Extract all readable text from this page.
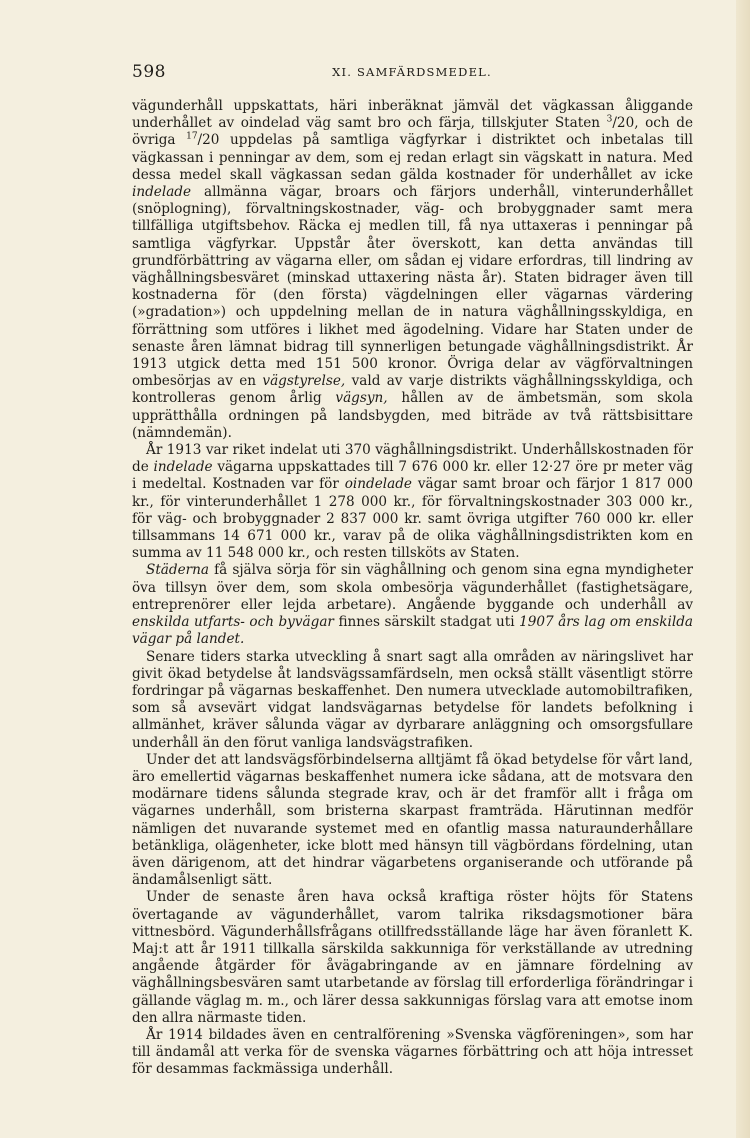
598	XI. SAMFÄRDSMEDEL.

vägunderhåll uppskattats, häri inberäknat jämväl det vägkassan åliggande underhållet av oindelad väg samt bro och färja, tillskjuter Staten $^3$/20, och de övriga $^{17}$/20 uppdelas på samtliga vägfyrkar i distriktet och inbetalas till vägkassan i penningar av dem, som ej redan erlagt sin vägskatt in natura. Med dessa medel skall vägkassan sedan gälda kostnader för underhållet av icke indelade allmänna vägar, broars och färjors underhåll, vinterunderhållet (snöplogning), förvaltningskostnader, väg- och brobyggnader samt mera tillfälliga utgiftsbehov. Räcka ej medlen till, få nya uttaxeras i penningar på samtliga vägfyrkar. Uppstår åter överskott, kan detta användas till grundförbättring av vägarna eller, om sådan ej vidare erfordras, till lindring av väghållningsbesväret (minskad uttaxering nästa år). Staten bidrager även till kostnaderna för (den första) vägdelningen eller vägarnas värdering (»gradation») och uppdelning mellan de in natura väghållningsskyldiga, en förrättning som utföres i likhet med ägodelning. Vidare har Staten under de senaste åren lämnat bidrag till synnerligen betungade väghållningsdistrikt. År 1913 utgick detta med 151 500 kronor. Övriga delar av vägförvaltningen ombesörjas av en vägstyrelse, vald av varje distrikts väghållningsskyldiga, och kontrolleras genom årlig vägsyn, hållen av de ämbetsmän, som skola upprätthålla ordningen på landsbygden, med biträde av två rättsbisittare (nämndemän).

År 1913 var riket indelat uti 370 väghållningsdistrikt. Underhållskostnaden för de indelade vägarna uppskattades till 7 676 000 kr. eller 12·27 öre pr meter väg i medeltal. Kostnaden var för oindelade vägar samt broar och färjor 1 817 000 kr., för vinterunderhållet 1 278 000 kr., för förvaltningskostnader 303 000 kr., för väg- och brobyggnader 2 837 000 kr. samt övriga utgifter 760 000 kr. eller tillsammans 14 671 000 kr., varav på de olika väghållningsdistrikten kom en summa av 11 548 000 kr., och resten tillsköts av Staten.

Städerna få själva sörja för sin väghållning och genom sina egna myndigheter öva tillsyn över dem, som skola ombesörja vägunderhållet (fastighetsägare, entreprenörer eller lejda arbetare). Angående byggande och underhåll av enskilda utfarts- och byvägar finnes särskilt stadgat uti 1907 års lag om enskilda vägar på landet.

Senare tiders starka utveckling å snart sagt alla områden av näringslivet har givit ökad betydelse åt landsvägssamfärdseln, men också ställt väsentligt större fordringar på vägarnas beskaffenhet. Den numera utvecklade automobiltrafiken, som så avsevärt vidgat landsvägarnas betydelse för landets befolkning i allmänhet, kräver sålunda vägar av dyrbarare anläggning och omsorgsfullare underhåll än den förut vanliga landsvägstrafiken.

Under det att landsvägsförbindelserna alltjämt få ökad betydelse för vårt land, äro emellertid vägarnas beskaffenhet numera icke sådana, att de motsvara den modärnare tidens sålunda stegrade krav, och är det framför allt i fråga om vägarnes underhåll, som bristerna skarpast framträda. Härutinnan medför nämligen det nuvarande systemet med en ofantlig massa naturaunderhållare betänkliga, olägenheter, icke blott med hänsyn till vägbördans fördelning, utan även därigenom, att det hindrar vägarbetens organiserande och utförande på ändamålsenligt sätt.

Under de senaste åren hava också kraftiga röster höjts för Statens övertagande av vägunderhållet, varom talrika riksdagsmotioner bära vittnesbörd. Vägunderhållsfrågans otillfredsställande läge har även föranlett K. Maj:t att år 1911 tillkalla särskilda sakkunniga för verkställande av utredning angående åtgärder för åvägabringande av en jämnare fördelning av väghållningsbesvären samt utarbetande av förslag till erforderliga förändringar i gällande väglag m. m., och lärer dessa sakkunnigas förslag vara att emotse inom den allra närmaste tiden.

År 1914 bildades även en centralförening »Svenska vägföreningen», som har till ändamål att verka för de svenska vägarnes förbättring och att höja intresset för desammas fackmässiga underhåll.
